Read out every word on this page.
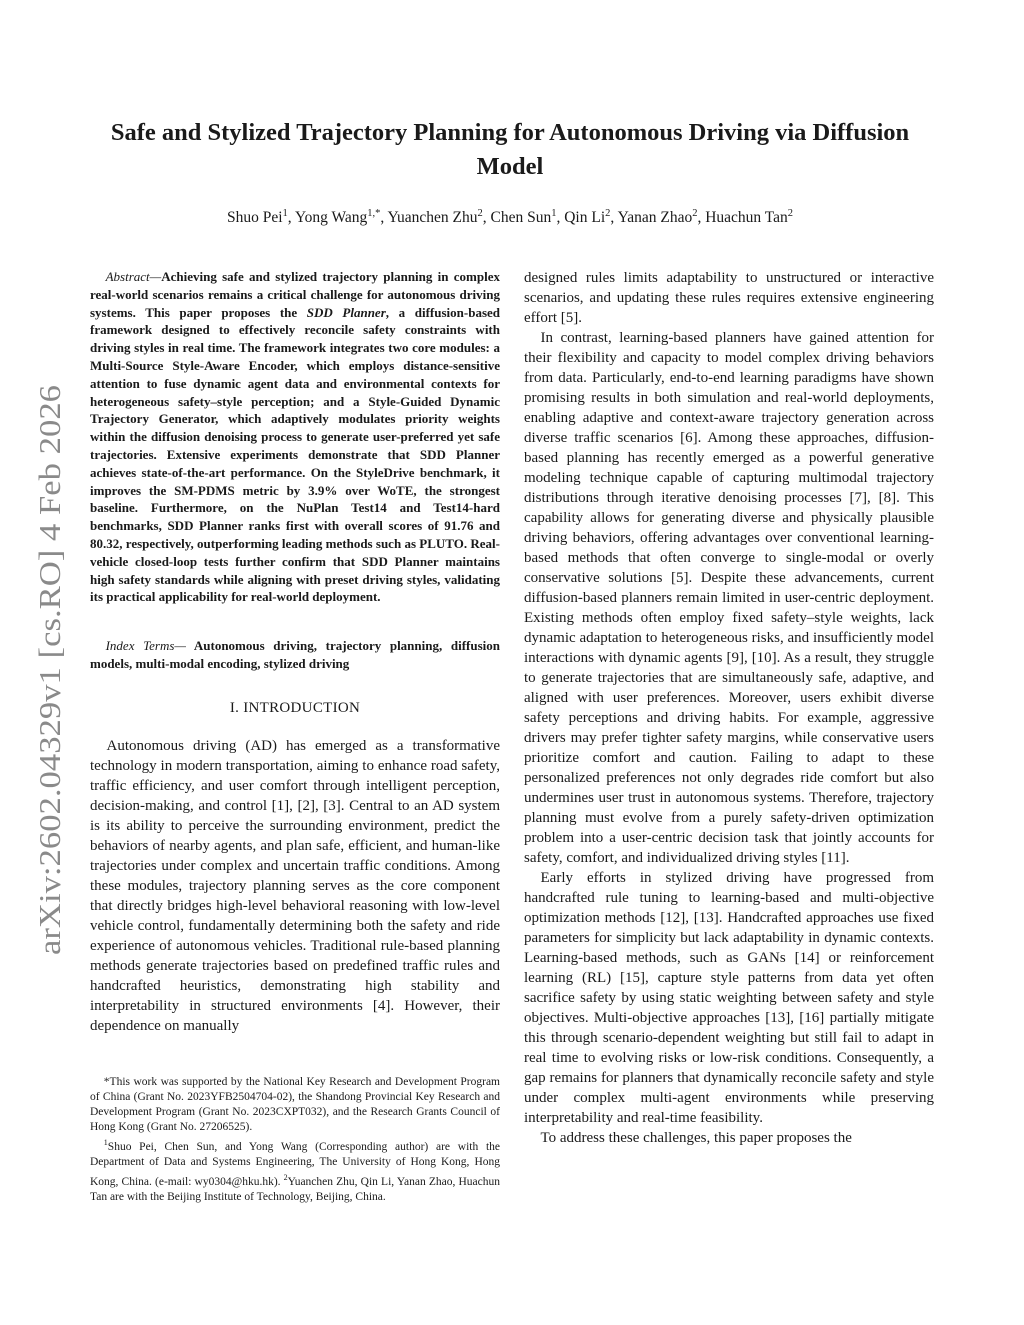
arXiv:2602.04329v1 [cs.RO] 4 Feb 2026
Safe and Stylized Trajectory Planning for Autonomous Driving via Diffusion Model
Shuo Pei$^1$, Yong Wang$^{1,*}$, Yuanchen Zhu$^2$, Chen Sun$^1$, Qin Li$^2$, Yanan Zhao$^2$, Huachun Tan$^2$
Abstract—Achieving safe and stylized trajectory planning in complex real-world scenarios remains a critical challenge for autonomous driving systems. This paper proposes the SDD Planner, a diffusion-based framework designed to effectively reconcile safety constraints with driving styles in real time. The framework integrates two core modules: a Multi-Source Style-Aware Encoder, which employs distance-sensitive attention to fuse dynamic agent data and environmental contexts for heterogeneous safety–style perception; and a Style-Guided Dynamic Trajectory Generator, which adaptively modulates priority weights within the diffusion denoising process to generate user-preferred yet safe trajectories. Extensive experiments demonstrate that SDD Planner achieves state-of-the-art performance. On the StyleDrive benchmark, it improves the SM-PDMS metric by 3.9% over WoTE, the strongest baseline. Furthermore, on the NuPlan Test14 and Test14-hard benchmarks, SDD Planner ranks first with overall scores of 91.76 and 80.32, respectively, outperforming leading methods such as PLUTO. Real-vehicle closed-loop tests further confirm that SDD Planner maintains high safety standards while aligning with preset driving styles, validating its practical applicability for real-world deployment.
Index Terms— Autonomous driving, trajectory planning, diffusion models, multi-modal encoding, stylized driving
I. INTRODUCTION

Autonomous driving (AD) has emerged as a transformative technology in modern transportation, aiming to enhance road safety, traffic efficiency, and user comfort through intelligent perception, decision-making, and control [1], [2], [3]. Central to an AD system is its ability to perceive the surrounding environment, predict the behaviors of nearby agents, and plan safe, efficient, and human-like trajectories under complex and uncertain traffic conditions. Among these modules, trajectory planning serves as the core component that directly bridges high-level behavioral reasoning with low-level vehicle control, fundamentally determining both the safety and ride experience of autonomous vehicles. Traditional rule-based planning methods generate trajectories based on predefined traffic rules and handcrafted heuristics, demonstrating high stability and interpretability in structured environments [4]. However, their dependence on manually

*This work was supported by the National Key Research and Development Program of China (Grant No. 2023YFB2504704-02), the Shandong Provincial Key Research and Development Program (Grant No. 2023CXPT032), and the Research Grants Council of Hong Kong (Grant No. 27206525).

$^1$Shuo Pei, Chen Sun, and Yong Wang (Corresponding author) are with the Department of Data and Systems Engineering, The University of Hong Kong, Hong Kong, China. (e-mail: wy0304@hku.hk). $^2$Yuanchen Zhu, Qin Li, Yanan Zhao, Huachun Tan are with the Beijing Institute of Technology, Beijing, China.

designed rules limits adaptability to unstructured or interactive scenarios, and updating these rules requires extensive engineering effort [5].

In contrast, learning-based planners have gained attention for their flexibility and capacity to model complex driving behaviors from data. Particularly, end-to-end learning paradigms have shown promising results in both simulation and real-world deployments, enabling adaptive and context-aware trajectory generation across diverse traffic scenarios [6]. Among these approaches, diffusion-based planning has recently emerged as a powerful generative modeling technique capable of capturing multimodal trajectory distributions through iterative denoising processes [7], [8]. This capability allows for generating diverse and physically plausible driving behaviors, offering advantages over conventional learning-based methods that often converge to single-modal or overly conservative solutions [5]. Despite these advancements, current diffusion-based planners remain limited in user-centric deployment. Existing methods often employ fixed safety–style weights, lack dynamic adaptation to heterogeneous risks, and insufficiently model interactions with dynamic agents [9], [10]. As a result, they struggle to generate trajectories that are simultaneously safe, adaptive, and aligned with user preferences. Moreover, users exhibit diverse safety perceptions and driving habits. For example, aggressive drivers may prefer tighter safety margins, while conservative users prioritize comfort and caution. Failing to adapt to these personalized preferences not only degrades ride comfort but also undermines user trust in autonomous systems. Therefore, trajectory planning must evolve from a purely safety-driven optimization problem into a user-centric decision task that jointly accounts for safety, comfort, and individualized driving styles [11].

Early efforts in stylized driving have progressed from handcrafted rule tuning to learning-based and multi-objective optimization methods [12], [13]. Handcrafted approaches use fixed parameters for simplicity but lack adaptability in dynamic contexts. Learning-based methods, such as GANs [14] or reinforcement learning (RL) [15], capture style patterns from data yet often sacrifice safety by using static weighting between safety and style objectives. Multi-objective approaches [13], [16] partially mitigate this through scenario-dependent weighting but still fail to adapt in real time to evolving risks or low-risk conditions. Consequently, a gap remains for planners that dynamically reconcile safety and style under complex multi-agent environments while preserving interpretability and real-time feasibility.

To address these challenges, this paper proposes the
